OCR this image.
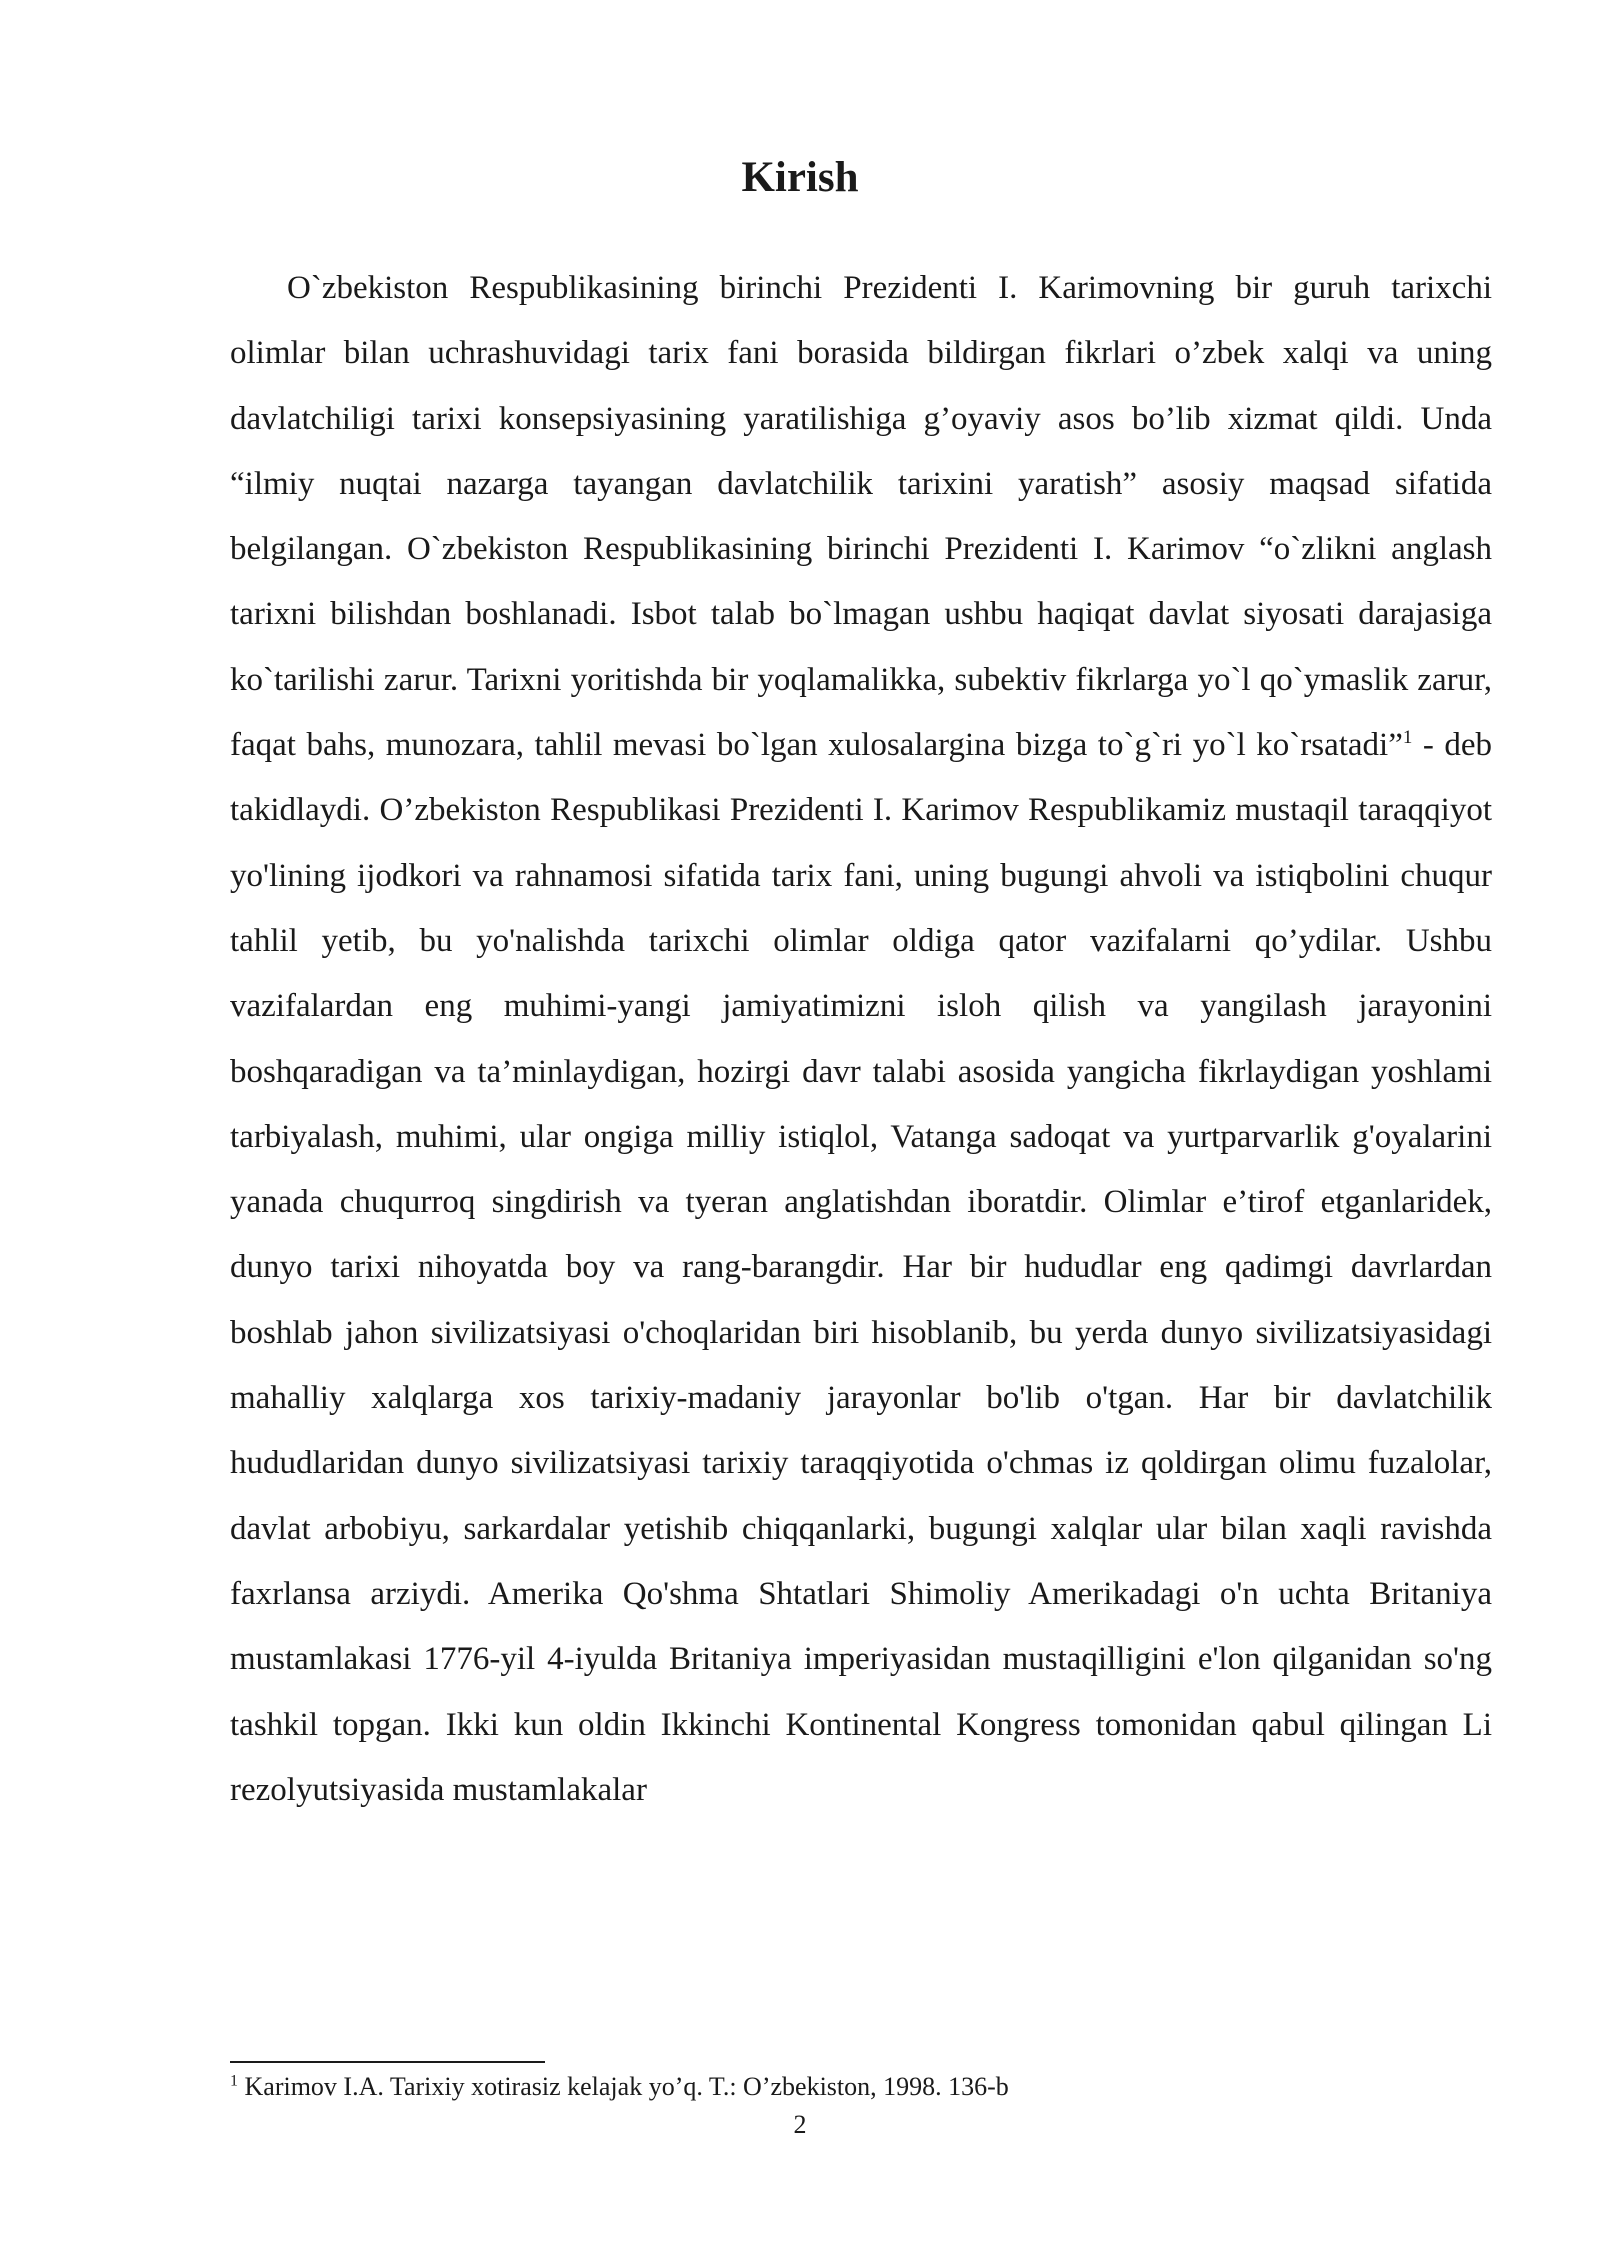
Kirish

O`zbekiston Respublikasining birinchi Prezidenti I. Karimovning bir guruh tarixchi olimlar bilan uchrashuvidagi tarix fani borasida bildirgan fikrlari o’zbek xalqi va uning davlatchiligi tarixi konsepsiyasining yaratilishiga g’oyaviy asos bo’lib xizmat qildi. Unda “ilmiy nuqtai nazarga tayangan davlatchilik tarixini yaratish” asosiy maqsad sifatida belgilangan. O`zbekiston Respublikasining birinchi Prezidenti I. Karimov “o`zlikni anglash tarixni bilishdan boshlanadi. Isbot talab bo`lmagan ushbu haqiqat davlat siyosati darajasiga ko`tarilishi zarur. Tarixni yoritishda bir yoqlamalikka, subektiv fikrlarga yo`l qo`ymaslik zarur, faqat bahs, munozara, tahlil mevasi bo`lgan xulosalargina bizga to`g`ri yo`l ko`rsatadi”$^1$ - deb takidlaydi. O’zbekiston Respublikasi Prezidenti I. Karimov Respublikamiz mustaqil taraqqiyot yo'lining ijodkori va rahnamosi sifatida tarix fani, uning bugungi ahvoli va istiqbolini chuqur tahlil yetib, bu yo'nalishda tarixchi olimlar oldiga qator vazifalarni qo’ydilar. Ushbu vazifalardan eng muhimi-yangi jamiyatimizni isloh qilish va yangilash jarayonini boshqaradigan va ta’minlaydigan, hozirgi davr talabi asosida yangicha fikrlaydigan yoshlami tarbiyalash, muhimi, ular ongiga milliy istiqlol, Vatanga sadoqat va yurtparvarlik g'oyalarini yanada chuqurroq singdirish va tyeran anglatishdan iboratdir. Olimlar e’tirof etganlaridek, dunyo tarixi nihoyatda boy va rang-barangdir. Har bir hududlar eng qadimgi davrlardan boshlab jahon sivilizatsiyasi o'choqlaridan biri hisoblanib, bu yerda dunyo sivilizatsiyasidagi mahalliy xalqlarga xos tarixiy-madaniy jarayonlar bo'lib o'tgan. Har bir davlatchilik hududlaridan dunyo sivilizatsiyasi tarixiy taraqqiyotida o'chmas iz qoldirgan olimu fuzalolar, davlat arbobiyu, sarkardalar yetishib chiqqanlarki, bugungi xalqlar ular bilan xaqli ravishda faxrlansa arziydi. Amerika Qo'shma Shtatlari Shimoliy Amerikadagi o'n uchta Britaniya mustamlakasi 1776-yil 4-iyulda Britaniya imperiyasidan mustaqilligini e'lon qilganidan so'ng tashkil topgan. Ikki kun oldin Ikkinchi Kontinental Kongress tomonidan qabul qilingan Li rezolyutsiyasida mustamlakalar

$^1$ Karimov I.A. Tarixiy xotirasiz kelajak yo’q. T.: O’zbekiston, 1998. 136-b

2
